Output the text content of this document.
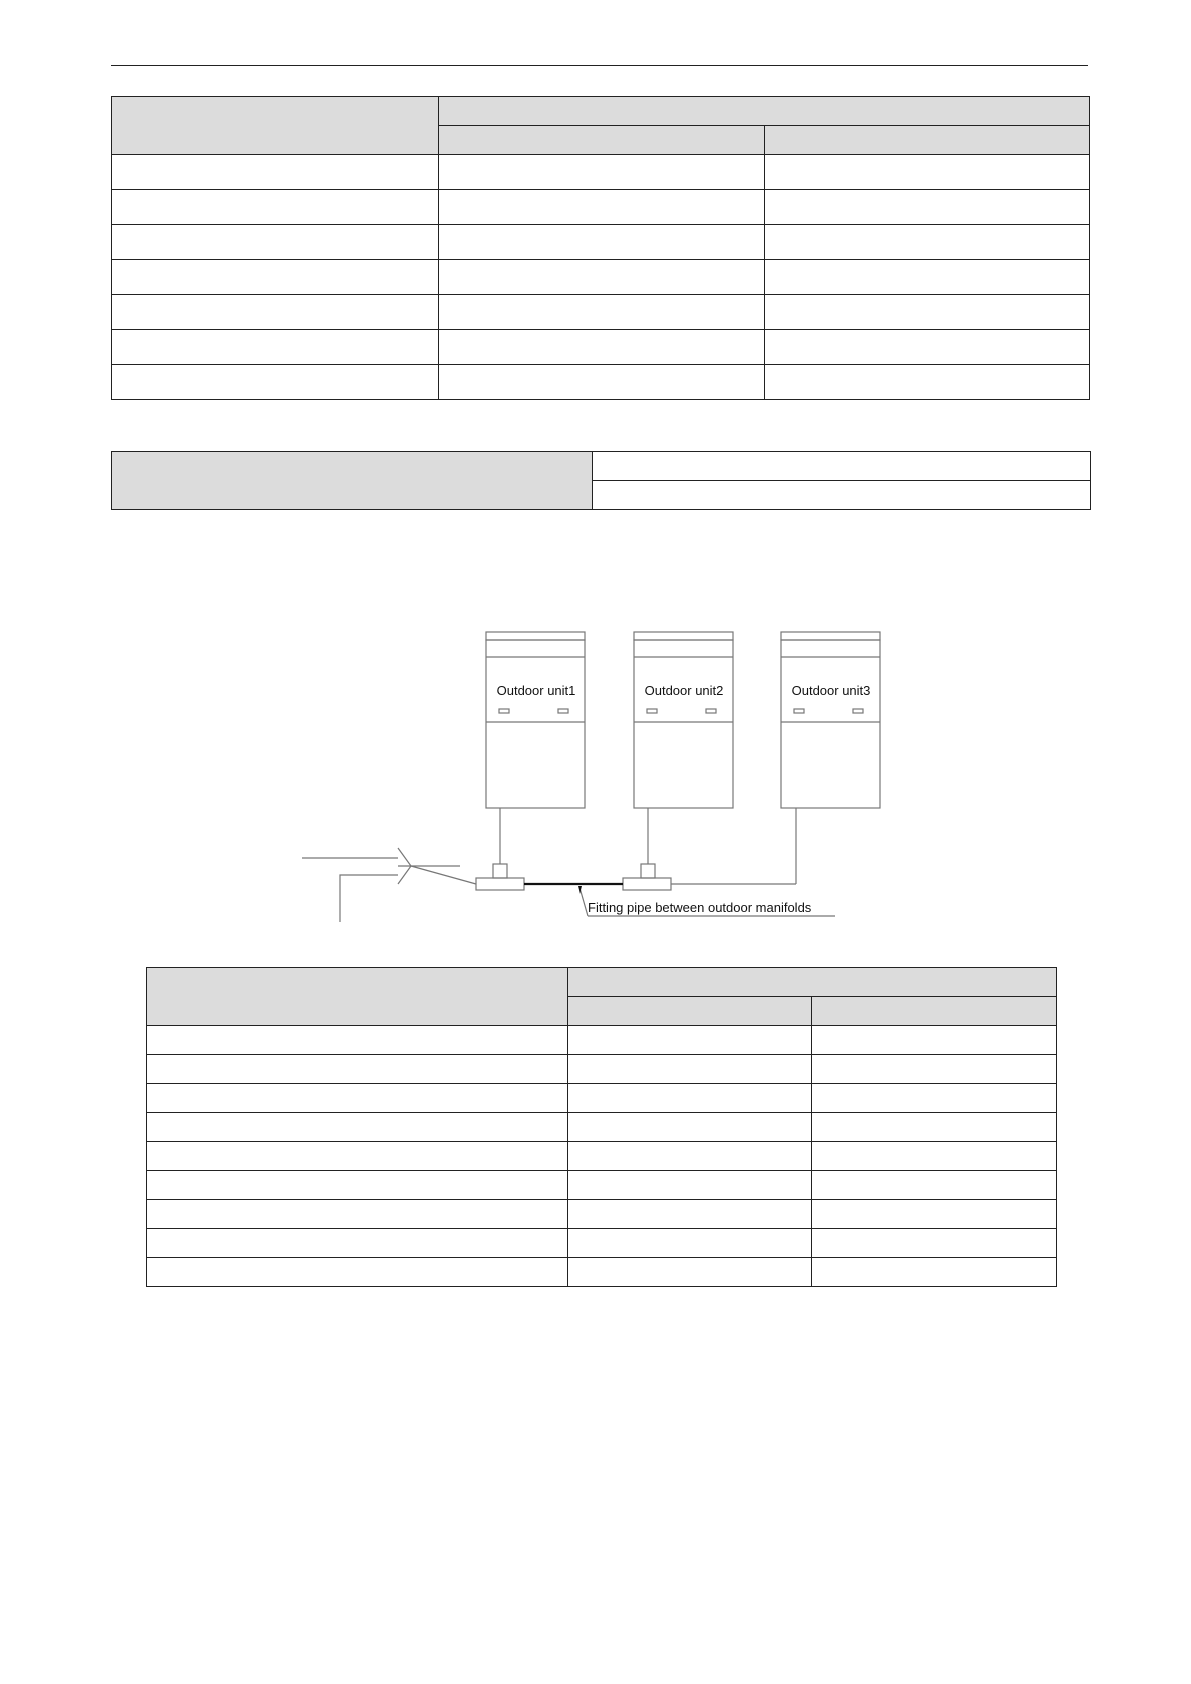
Outdoor unit1	Outdoor unit2	Outdoor unit3
Fitting pipe between outdoor manifolds
